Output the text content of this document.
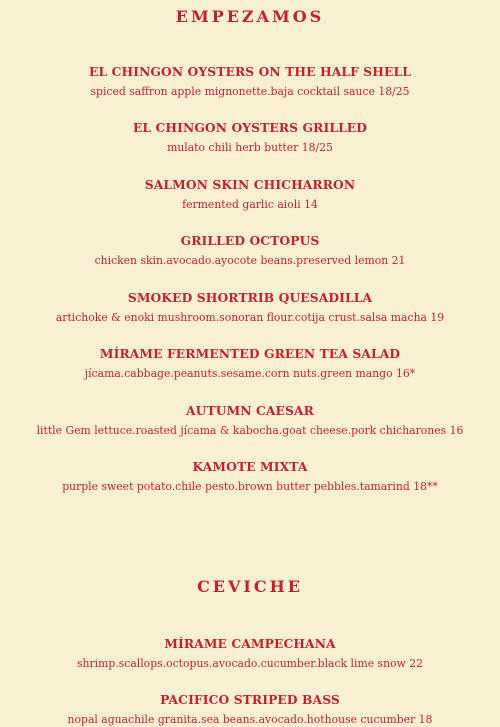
EMPEZAMOS
EL CHINGON OYSTERS ON THE HALF SHELL
spiced saffron apple mignonette.baja cocktail sauce 18/25
EL CHINGON OYSTERS GRILLED
mulato chili herb butter 18/25
SALMON SKIN CHICHARRON
fermented garlic aioli 14
GRILLED OCTOPUS
chicken skin.avocado.ayocote beans.preserved lemon 21
SMOKED SHORTRIB QUESADILLA
artichoke & enoki mushroom.sonoran flour.cotija crust.salsa macha 19
MÍRAME FERMENTED GREEN TEA SALAD
jícama.cabbage.peanuts.sesame.corn nuts.green mango 16*
AUTUMN CAESAR
little Gem lettuce.roasted jícama & kabocha.goat cheese.pork chicharones 16
KAMOTE MIXTA
purple sweet potato.chile pesto.brown butter pebbles.tamarind 18**
CEVICHE
MÍRAME CAMPECHANA
shrimp.scallops.octopus.avocado.cucumber.black lime snow 22
PACIFICO STRIPED BASS
nopal aguachile granita.sea beans.avocado.hothouse cucumber 18
